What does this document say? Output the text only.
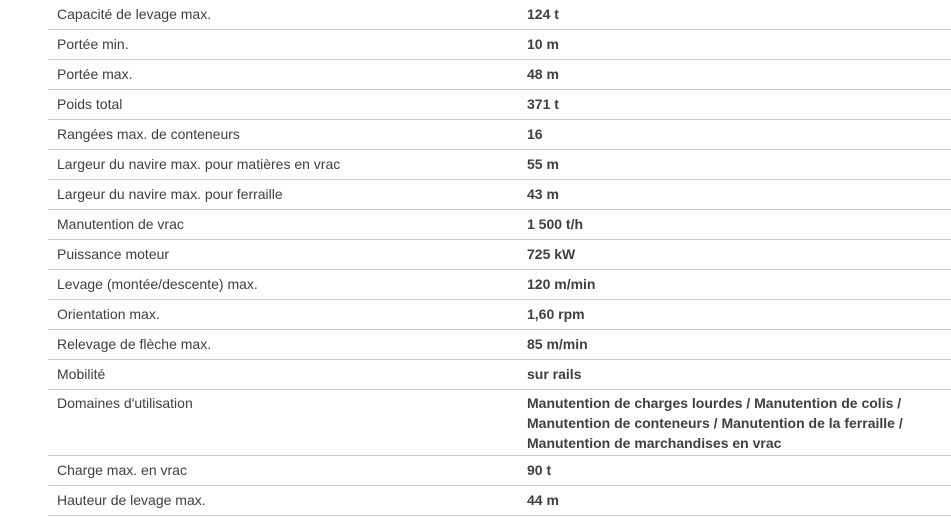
Capacité de levage max.	124 t
Portée min.	10 m
Portée max.	48 m
Poids total	371 t
Rangées max. de conteneurs	16
Largeur du navire max. pour matières en vrac	55 m
Largeur du navire max. pour ferraille	43 m
Manutention de vrac	1 500 t/h
Puissance moteur	725 kW
Levage (montée/descente) max.	120 m/min
Orientation max.	1,60 rpm
Relevage de flèche max.	85 m/min
Mobilité	sur rails
Domaines d'utilisation	Manutention de charges lourdes / Manutention de colis / Manutention de conteneurs / Manutention de la ferraille / Manutention de marchandises en vrac
Charge max. en vrac	90 t
Hauteur de levage max.	44 m
